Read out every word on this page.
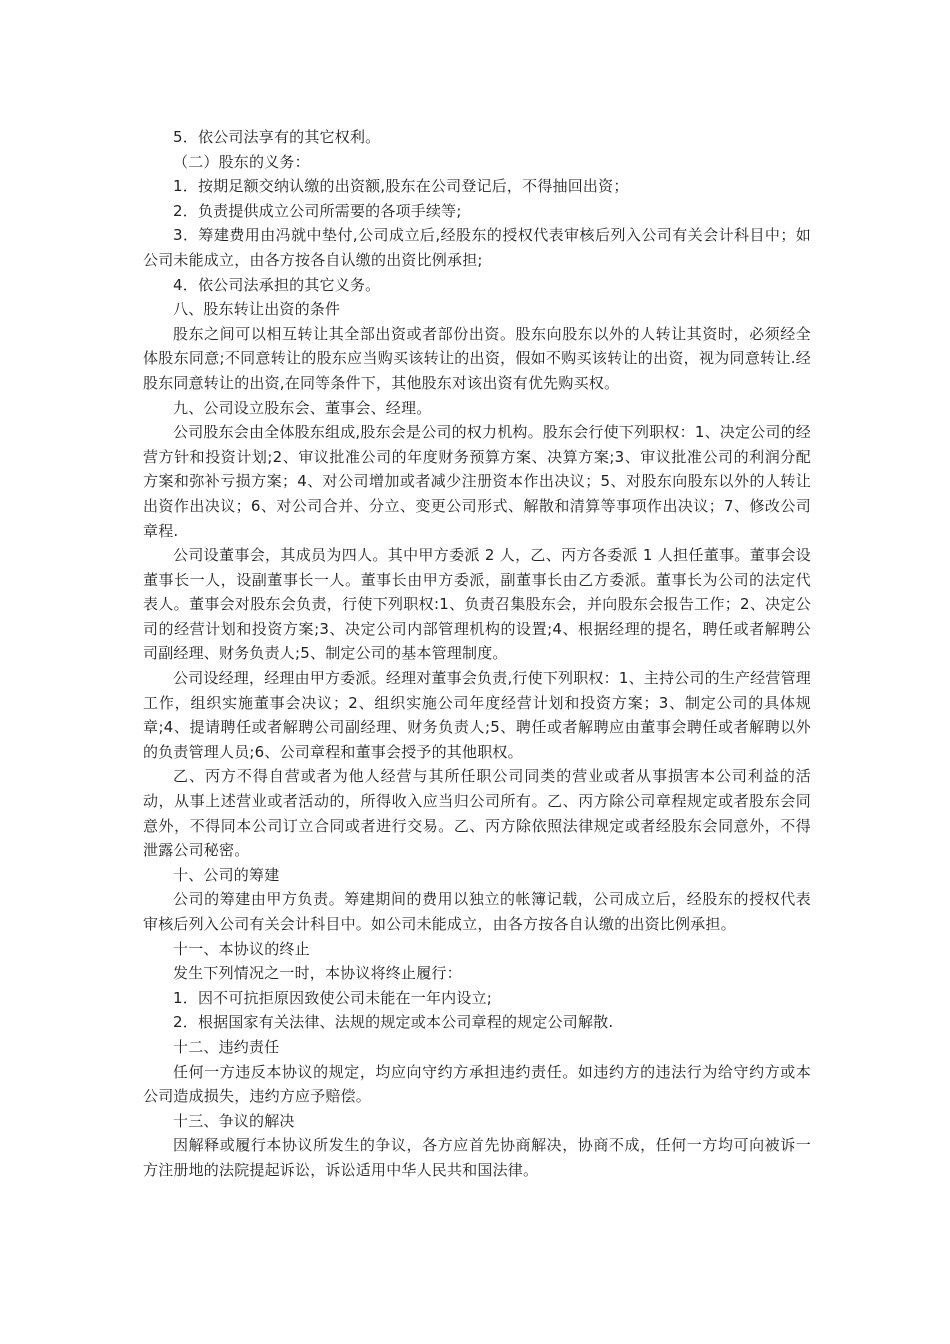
5．依公司法享有的其它权利。

（二）股东的义务：

1．按期足额交纳认缴的出资额,股东在公司登记后，不得抽回出资；

2．负责提供成立公司所需要的各项手续等;

3．筹建费用由冯就中垫付,公司成立后,经股东的授权代表审核后列入公司有关会计科目中；如公司未能成立，由各方按各自认缴的出资比例承担;

4．依公司法承担的其它义务。

八、股东转让出资的条件

股东之间可以相互转让其全部出资或者部份出资。股东向股东以外的人转让其资时，必须经全体股东同意;不同意转让的股东应当购买该转让的出资，假如不购买该转让的出资，视为同意转让.经股东同意转让的出资,在同等条件下，其他股东对该出资有优先购买权。

九、公司设立股东会、董事会、经理。

公司股东会由全体股东组成,股东会是公司的权力机构。股东会行使下列职权：1、决定公司的经营方针和投资计划;2、审议批准公司的年度财务预算方案、决算方案;3、审议批准公司的利润分配方案和弥补亏损方案；4、对公司增加或者减少注册资本作出决议；5、对股东向股东以外的人转让出资作出决议；6、对公司合并、分立、变更公司形式、解散和清算等事项作出决议；7、修改公司章程.

公司设董事会，其成员为四人。其中甲方委派 2 人，乙、丙方各委派 1 人担任董事。董事会设董事长一人，设副董事长一人。董事长由甲方委派，副董事长由乙方委派。董事长为公司的法定代表人。董事会对股东会负责，行使下列职权:1、负责召集股东会，并向股东会报告工作；2、决定公司的经营计划和投资方案;3、决定公司内部管理机构的设置;4、根据经理的提名，聘任或者解聘公司副经理、财务负责人;5、制定公司的基本管理制度。

公司设经理，经理由甲方委派。经理对董事会负责,行使下列职权：1、主持公司的生产经营管理工作，组织实施董事会决议；2、组织实施公司年度经营计划和投资方案；3、制定公司的具体规章;4、提请聘任或者解聘公司副经理、财务负责人;5、聘任或者解聘应由董事会聘任或者解聘以外的负责管理人员;6、公司章程和董事会授予的其他职权。

乙、丙方不得自营或者为他人经营与其所任职公司同类的营业或者从事损害本公司利益的活动，从事上述营业或者活动的，所得收入应当归公司所有。乙、丙方除公司章程规定或者股东会同意外，不得同本公司订立合同或者进行交易。乙、丙方除依照法律规定或者经股东会同意外，不得泄露公司秘密。

十、公司的筹建

公司的筹建由甲方负责。筹建期间的费用以独立的帐簿记载，公司成立后，经股东的授权代表审核后列入公司有关会计科目中。如公司未能成立，由各方按各自认缴的出资比例承担。

十一、本协议的终止

发生下列情况之一时，本协议将终止履行：

1．因不可抗拒原因致使公司未能在一年内设立;

2．根据国家有关法律、法规的规定或本公司章程的规定公司解散.

十二、违约责任

任何一方违反本协议的规定，均应向守约方承担违约责任。如违约方的违法行为给守约方或本公司造成损失，违约方应予赔偿。

十三、争议的解决

因解释或履行本协议所发生的争议，各方应首先协商解决，协商不成，任何一方均可向被诉一方注册地的法院提起诉讼，诉讼适用中华人民共和国法律。
